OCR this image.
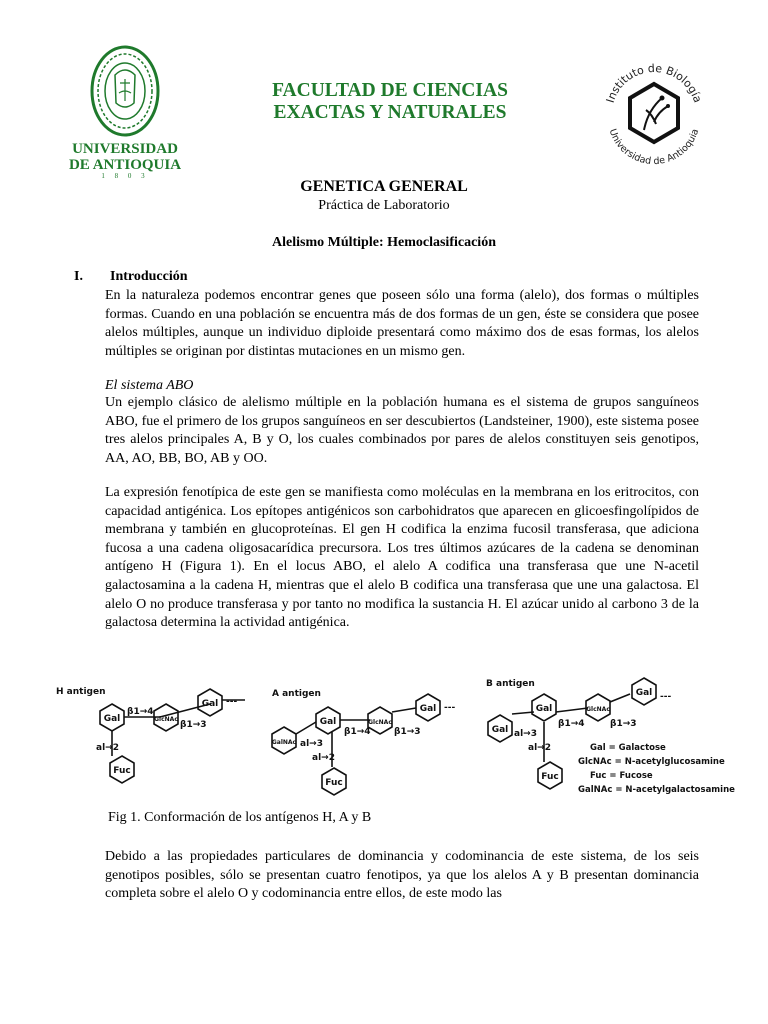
UNIVERSIDAD
DE ANTIOQUIA
1 8 0 3
FACULTAD DE CIENCIAS
EXACTAS Y NATURALES
Instituto de Biología
Universidad de Antioquia
GENETICA GENERAL
Práctica de Laboratorio
Alelismo Múltiple: Hemoclasificación
I. Introducción
En la naturaleza podemos encontrar genes que poseen sólo una forma (alelo), dos formas o múltiples formas. Cuando en una población se encuentra más de dos formas de un gen, éste se considera que posee alelos múltiples, aunque un individuo diploide presentará como máximo dos de esas formas, los alelos múltiples se originan por distintas mutaciones en un mismo gen.
El sistema ABO
Un ejemplo clásico de alelismo múltiple en la población humana es el sistema de grupos sanguíneos ABO, fue el primero de los grupos sanguíneos en ser descubiertos (Landsteiner, 1900), este sistema posee tres alelos principales A, B y O, los cuales combinados por pares de alelos constituyen seis genotipos, AA, AO, BB, BO, AB y OO.
La expresión fenotípica de este gen se manifiesta como moléculas en la membrana en los eritrocitos, con capacidad antigénica. Los epítopes antigénicos son carbohidratos que aparecen en glicoesfingolípidos de membrana y también en glucoproteínas. El gen H codifica la enzima fucosil transferasa, que adiciona fucosa a una cadena oligosacarídica precursora. Los tres últimos azúcares de la cadena se denominan antígeno H (Figura 1). En el locus ABO, el alelo A codifica una transferasa que une N-acetil galactosamina a la cadena H, mientras que el alelo B codifica una transferasa que une una galactosa. El alelo O no produce transferasa y por tanto no modifica la sustancia H. El azúcar unido al carbono 3 de la galactosa determina la actividad antigénica.
H antigen
Gal	GlcNAc
Gal
Fuc
β1→4
β1→3
al→2
---
A antigen
GalNAc
Gal	GlcNAc
Gal
Fuc
β1→4	β1→3
al→3
al→2
---
B antigen
Gal
Gal	GlcNAc
Gal
Fuc
β1→4	β1→3
al→3
al→2
---
Gal = Galactose
GlcNAc = N-acetylglucosamine
Fuc = Fucose
GalNAc = N-acetylgalactosamine
Fig 1. Conformación de los antígenos H, A y B
Debido a las propiedades particulares de dominancia y codominancia de este sistema, de los seis genotipos posibles, sólo se presentan cuatro fenotipos, ya que los alelos A y B presentan dominancia completa sobre el alelo O y codominancia entre ellos, de este modo las
